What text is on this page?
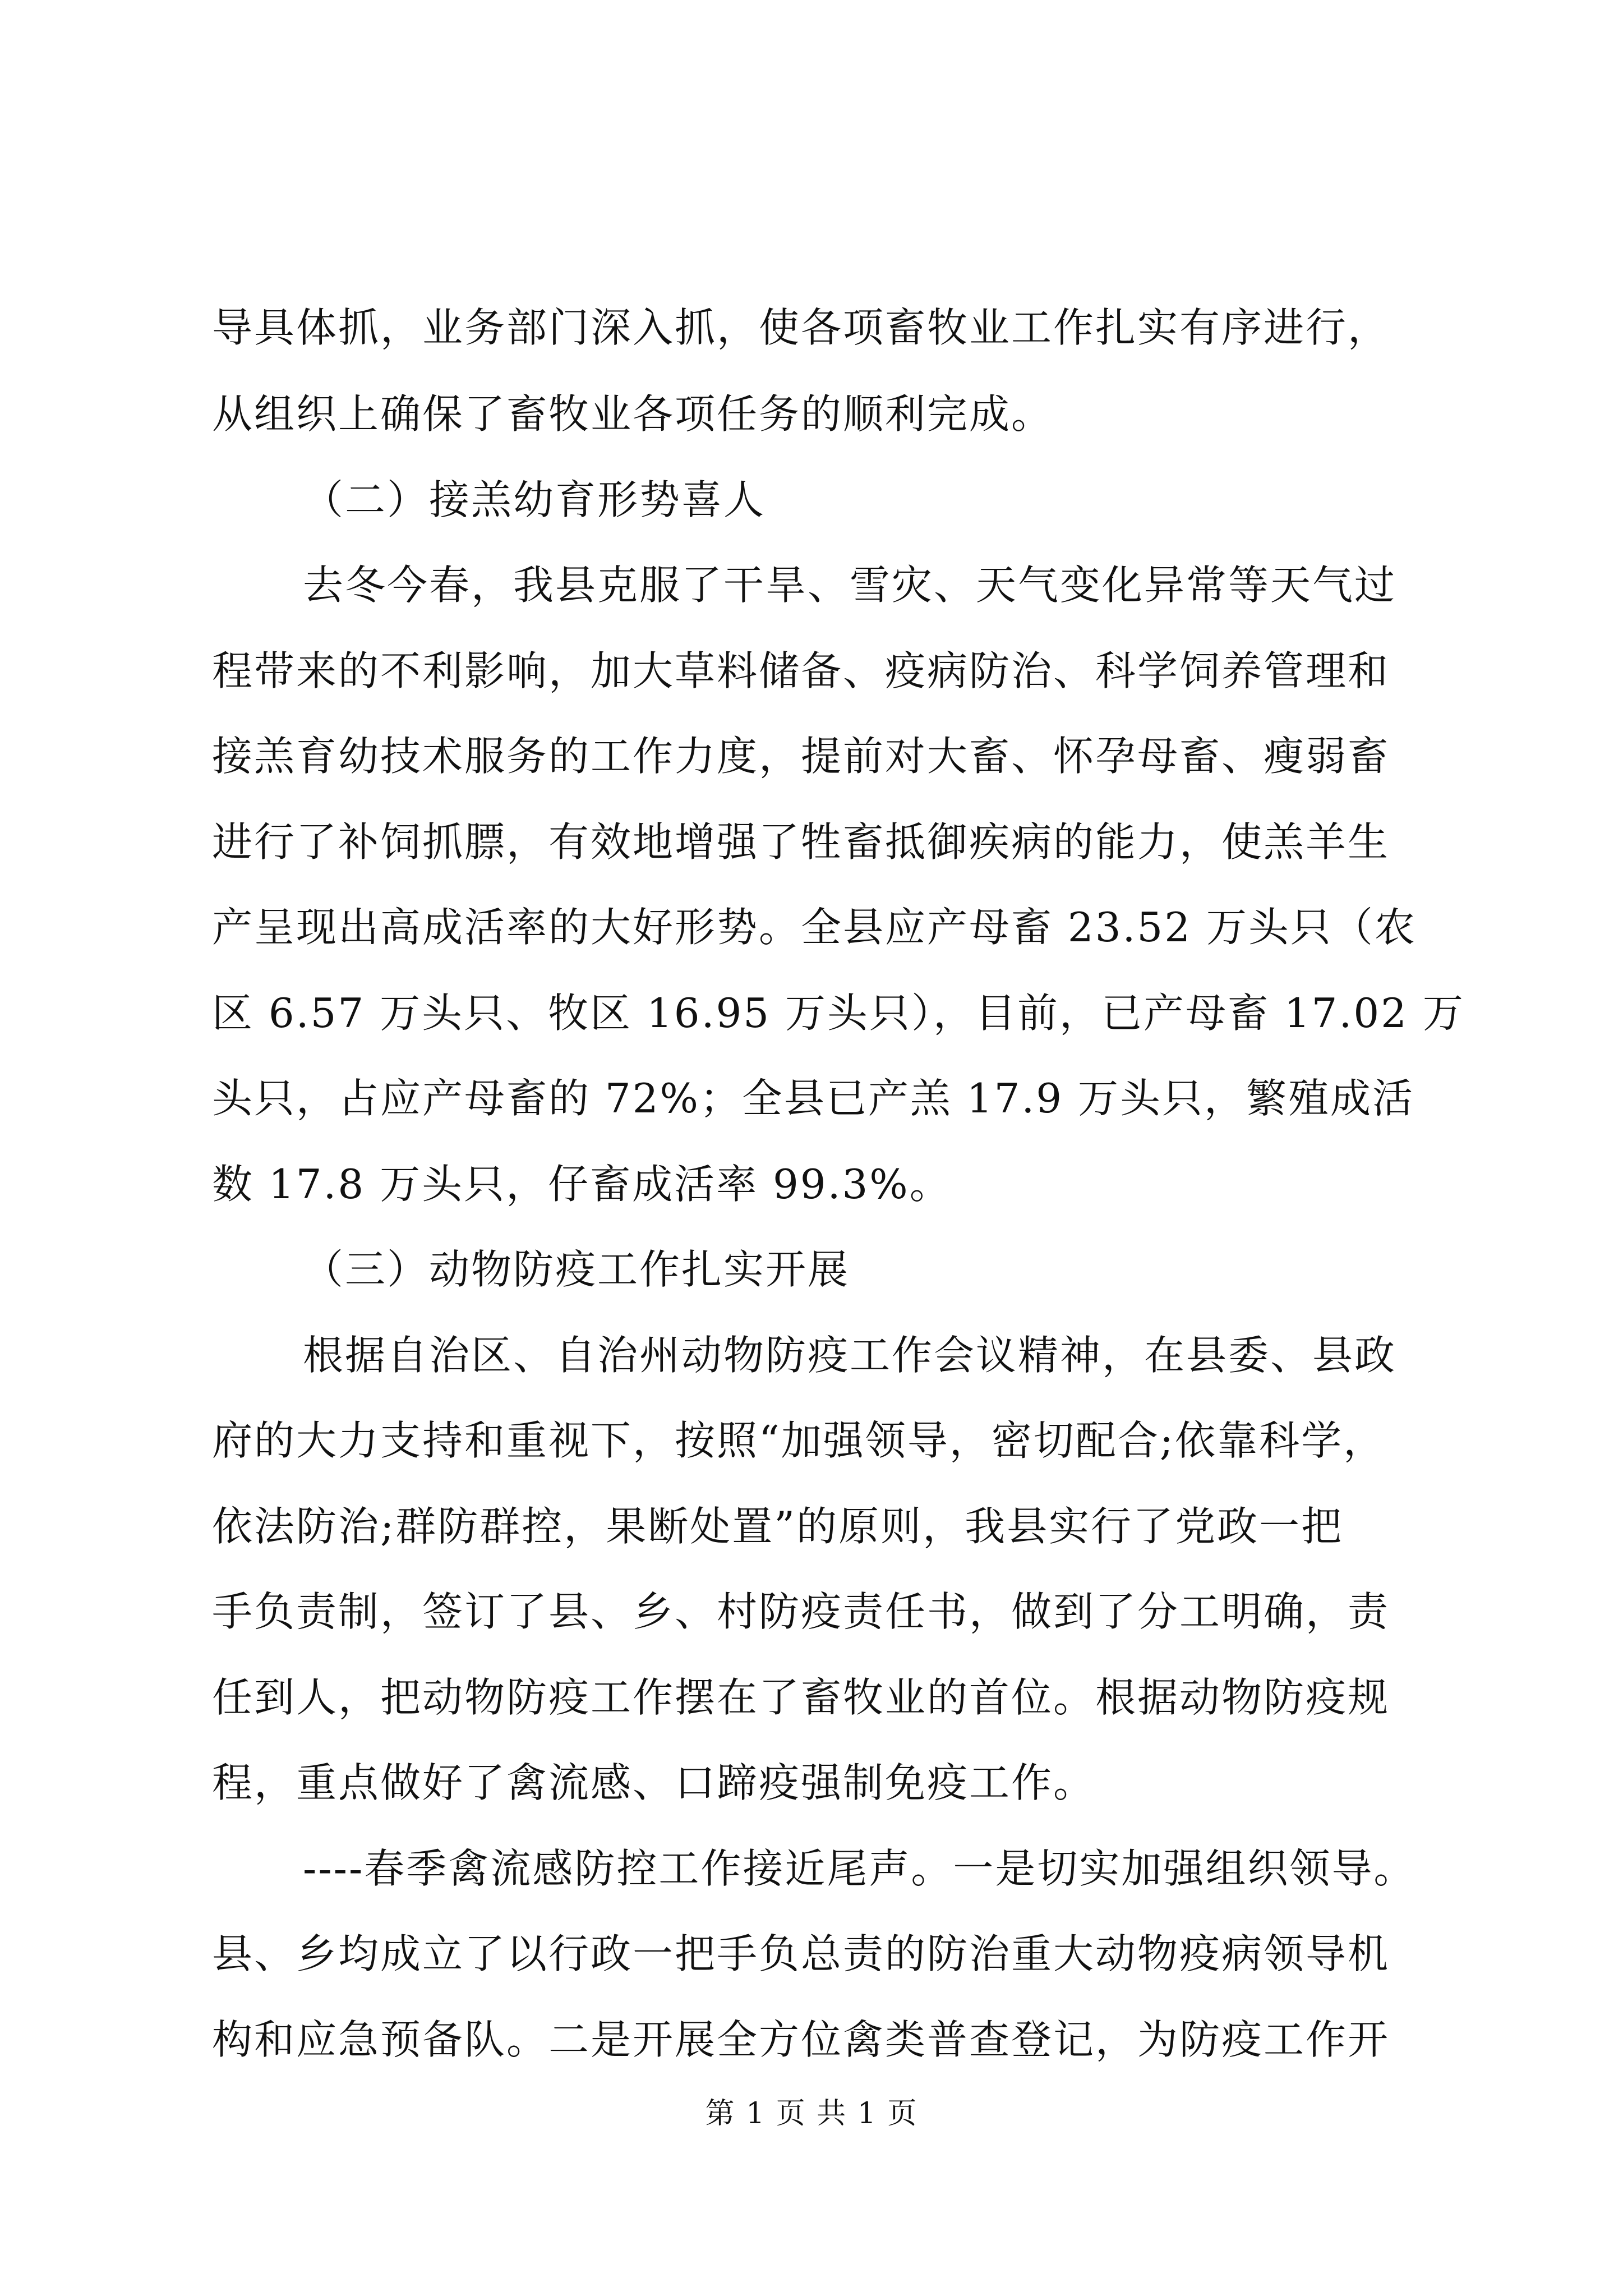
导具体抓，业务部门深入抓，使各项畜牧业工作扎实有序进行，
从组织上确保了畜牧业各项任务的顺利完成。
（二）接羔幼育形势喜人
去冬今春，我县克服了干旱、雪灾、天气变化异常等天气过
程带来的不利影响，加大草料储备、疫病防治、科学饲养管理和
接羔育幼技术服务的工作力度，提前对大畜、怀孕母畜、瘦弱畜
进行了补饲抓膘，有效地增强了牲畜抵御疾病的能力，使羔羊生
产呈现出高成活率的大好形势。全县应产母畜 23.52 万头只（农
区 6.57 万头只、牧区 16.95 万头只），目前，已产母畜 17.02 万
头只，占应产母畜的 72%；全县已产羔 17.9 万头只，繁殖成活
数 17.8 万头只，仔畜成活率 99.3%。
（三）动物防疫工作扎实开展
根据自治区、自治州动物防疫工作会议精神，在县委、县政
府的大力支持和重视下，按照“加强领导，密切配合;依靠科学，
依法防治;群防群控，果断处置”的原则，我县实行了党政一把
手负责制，签订了县、乡、村防疫责任书，做到了分工明确，责
任到人，把动物防疫工作摆在了畜牧业的首位。根据动物防疫规
程，重点做好了禽流感、口蹄疫强制免疫工作。
----春季禽流感防控工作接近尾声。一是切实加强组织领导。
县、乡均成立了以行政一把手负总责的防治重大动物疫病领导机
构和应急预备队。二是开展全方位禽类普查登记，为防疫工作开
第 1 页 共 1 页
